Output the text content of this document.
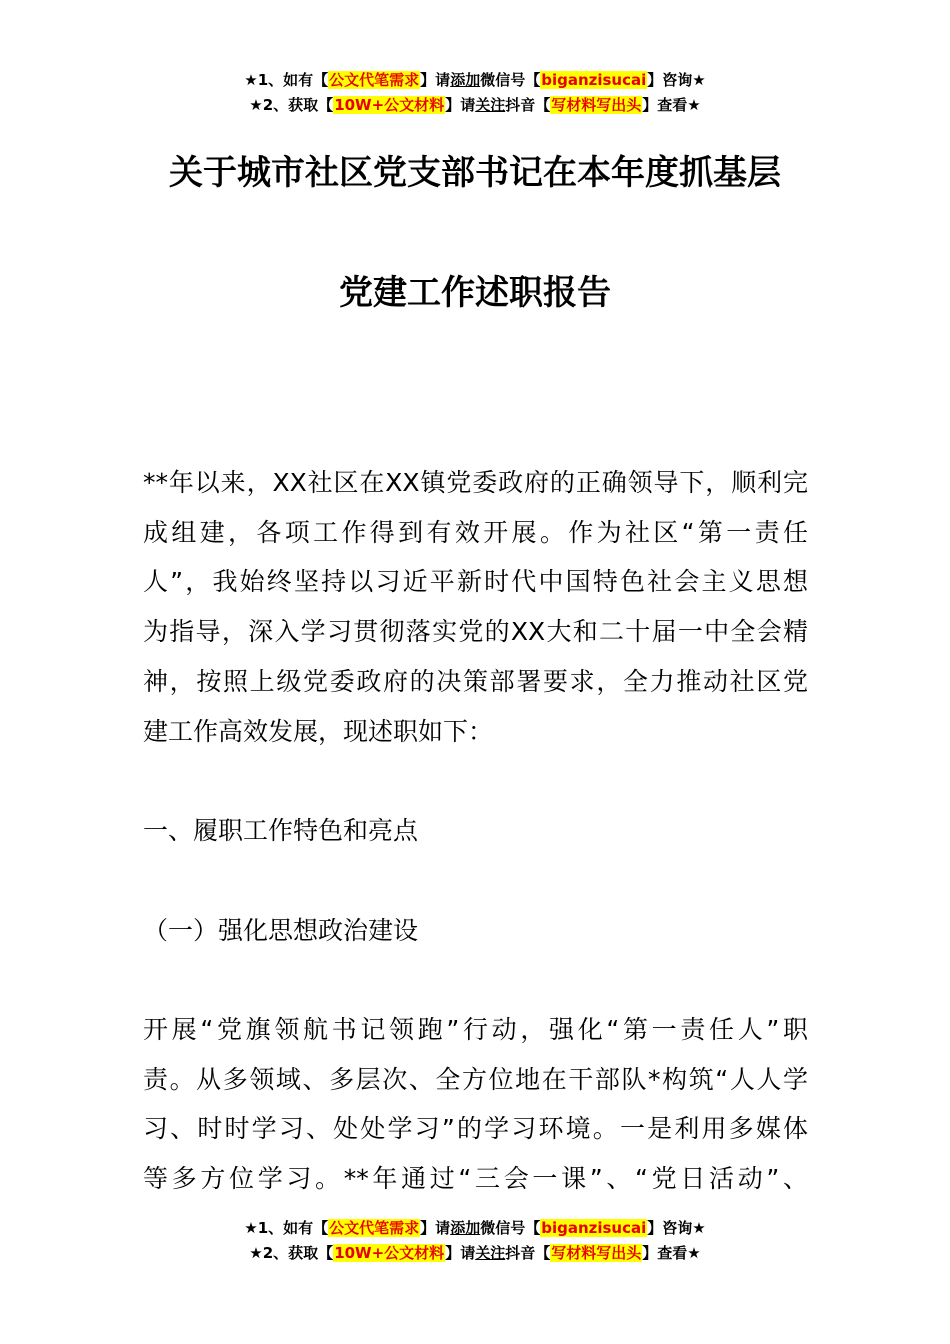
★1、如有【公文代笔需求】请添加微信号【biganzisucai】咨询★
★2、获取【10W+公文材料】请关注抖音【写材料写出头】查看★
关于城市社区党支部书记在本年度抓基层
党建工作述职报告
**年以来，XX社区在XX镇党委政府的正确领导下，顺利完
成组建，各项工作得到有效开展。作为社区“第一责任
人”，我始终坚持以习近平新时代中国特色社会主义思想
为指导，深入学习贯彻落实党的XX大和二十届一中全会精
神，按照上级党委政府的决策部署要求，全力推动社区党
建工作高效发展，现述职如下：
一、履职工作特色和亮点
（一）强化思想政治建设
开展“党旗领航书记领跑”行动，强化“第一责任人”职
责。从多领域、多层次、全方位地在干部队*构筑“人人学
习、时时学习、处处学习”的学习环境。一是利用多媒体
等多方位学习。**年通过“三会一课”、“党日活动”、
★1、如有【公文代笔需求】请添加微信号【biganzisucai】咨询★
★2、获取【10W+公文材料】请关注抖音【写材料写出头】查看★
